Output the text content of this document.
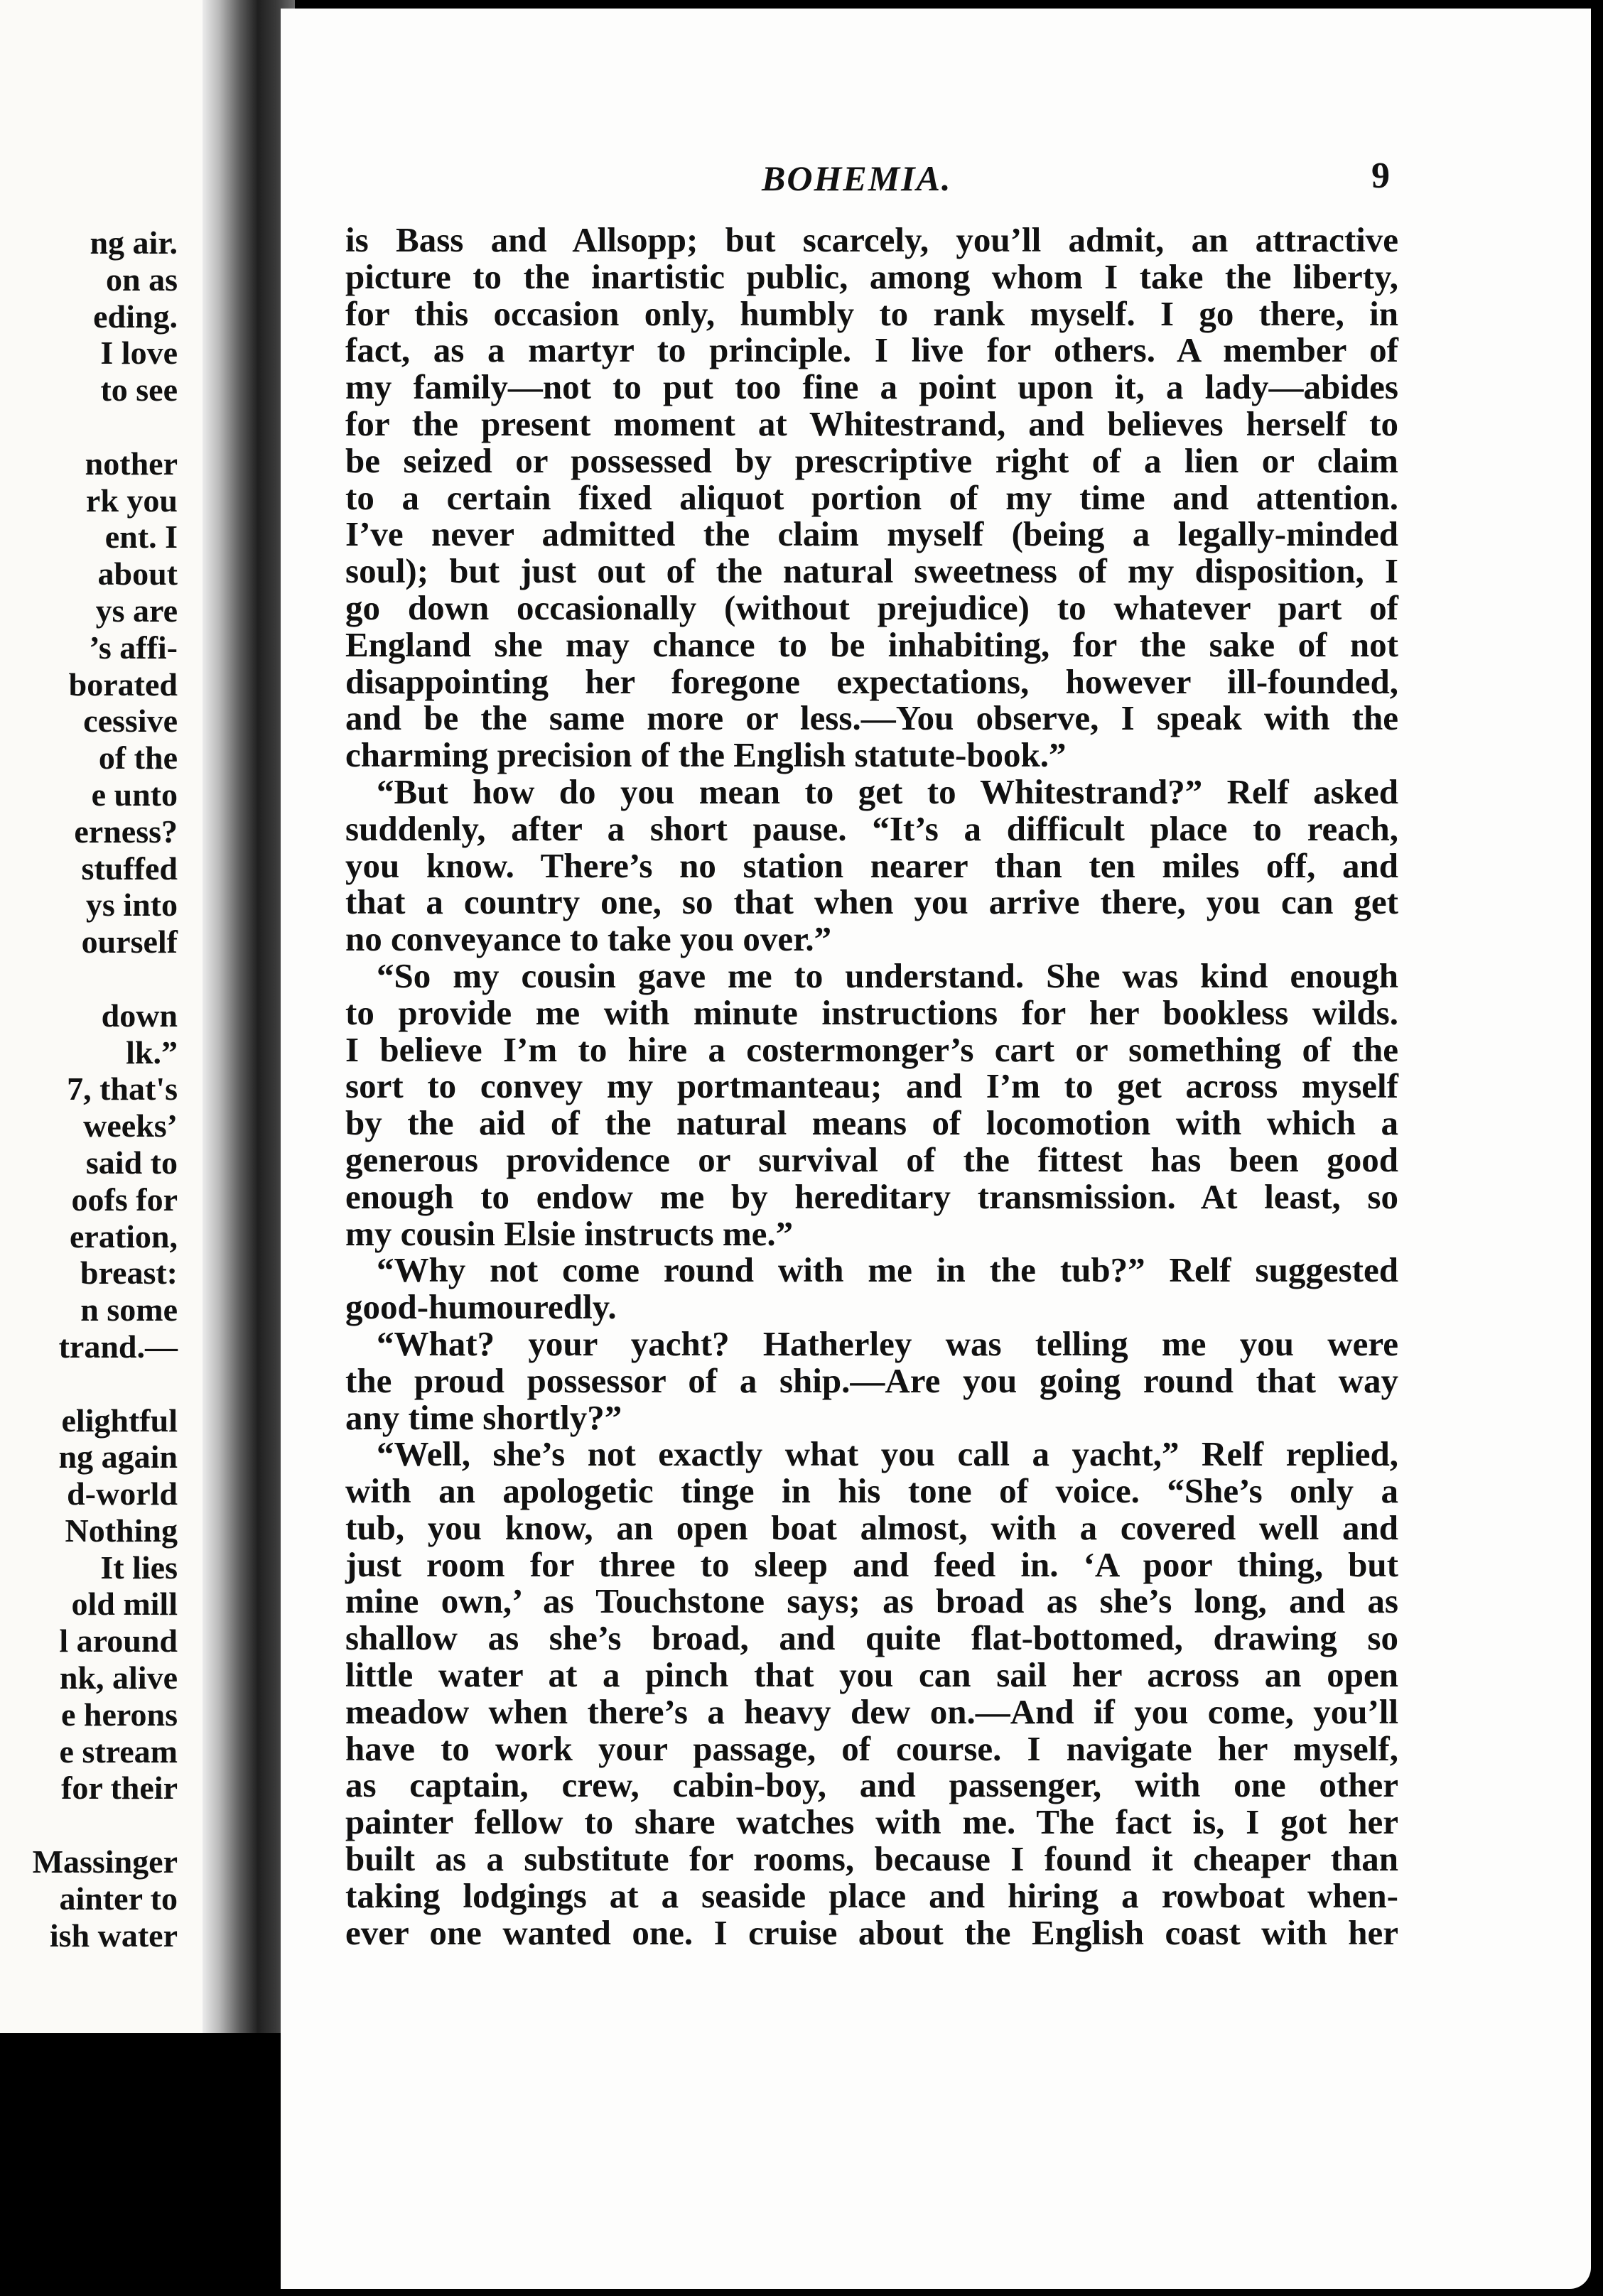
ng air.
on as
eding.
I love
to see

nother
rk you
ent. I
about
ys are
’s affi-
borated
cessive
of the
e unto
erness?
stuffed
ys into
ourself

down
lk.”
7, that's
weeks’
said to
oofs for
eration,
breast:
n some
trand.—

elightful
ng again
d-world
Nothing
It lies
old mill
l around
nk, alive
e herons
e stream
for their

Massinger
ainter to
ish water
BOHEMIA.	9
is Bass and Allsopp; but scarcely, you’ll admit, an attractive
picture to the inartistic public, among whom I take the liberty,
for this occasion only, humbly to rank myself. I go there, in
fact, as a martyr to principle. I live for others. A member of
my family—not to put too fine a point upon it, a lady—abides
for the present moment at Whitestrand, and believes herself to
be seized or possessed by prescriptive right of a lien or claim
to a certain fixed aliquot portion of my time and attention.
I’ve never admitted the claim myself (being a legally-minded
soul); but just out of the natural sweetness of my disposition, I
go down occasionally (without prejudice) to whatever part of
England she may chance to be inhabiting, for the sake of not
disappointing her foregone expectations, however ill-founded,
and be the same more or less.—You observe, I speak with the
charming precision of the English statute-book.”
“But how do you mean to get to Whitestrand?” Relf asked
suddenly, after a short pause. “It’s a difficult place to reach,
you know. There’s no station nearer than ten miles off, and
that a country one, so that when you arrive there, you can get
no conveyance to take you over.”
“So my cousin gave me to understand. She was kind enough
to provide me with minute instructions for her bookless wilds.
I believe I’m to hire a costermonger’s cart or something of the
sort to convey my portmanteau; and I’m to get across myself
by the aid of the natural means of locomotion with which a
generous providence or survival of the fittest has been good
enough to endow me by hereditary transmission. At least, so
my cousin Elsie instructs me.”
“Why not come round with me in the tub?” Relf suggested
good-humouredly.
“What? your yacht? Hatherley was telling me you were
the proud possessor of a ship.—Are you going round that way
any time shortly?”
“Well, she’s not exactly what you call a yacht,” Relf replied,
with an apologetic tinge in his tone of voice. “She’s only a
tub, you know, an open boat almost, with a covered well and
just room for three to sleep and feed in. ‘A poor thing, but
mine own,’ as Touchstone says; as broad as she’s long, and as
shallow as she’s broad, and quite flat-bottomed, drawing so
little water at a pinch that you can sail her across an open
meadow when there’s a heavy dew on.—And if you come, you’ll
have to work your passage, of course. I navigate her myself,
as captain, crew, cabin-boy, and passenger, with one other
painter fellow to share watches with me. The fact is, I got her
built as a substitute for rooms, because I found it cheaper than
taking lodgings at a seaside place and hiring a rowboat when-
ever one wanted one. I cruise about the English coast with her
